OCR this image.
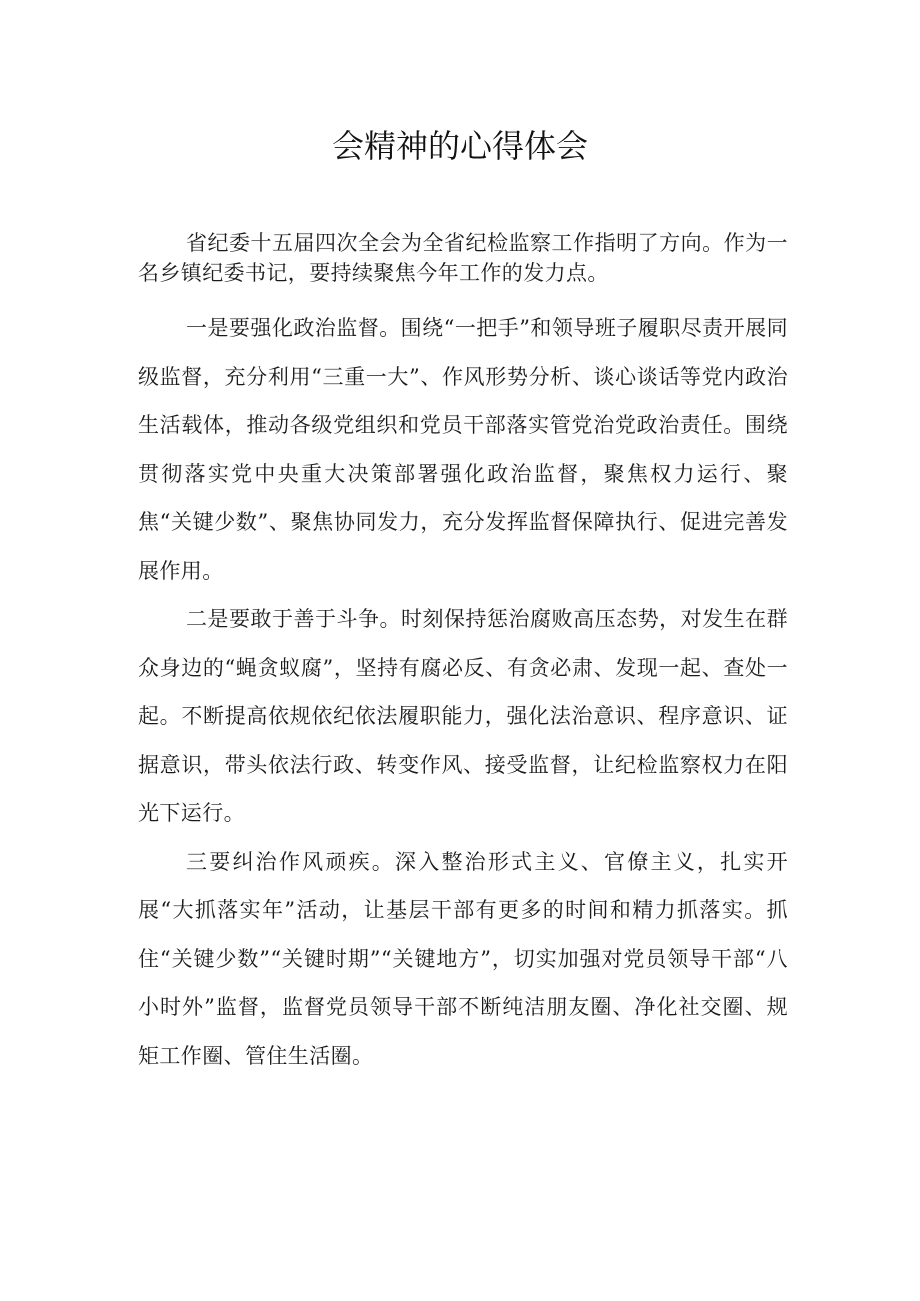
会精神的心得体会

省纪委十五届四次全会为全省纪检监察工作指明了方向。作为一名乡镇纪委书记，要持续聚焦今年工作的发力点。

一是要强化政治监督。围绕“一把手”和领导班子履职尽责开展同级监督，充分利用“三重一大”、作风形势分析、谈心谈话等党内政治生活载体，推动各级党组织和党员干部落实管党治党政治责任。围绕贯彻落实党中央重大决策部署强化政治监督，聚焦权力运行、聚焦“关键少数”、聚焦协同发力，充分发挥监督保障执行、促进完善发展作用。

二是要敢于善于斗争。时刻保持惩治腐败高压态势，对发生在群众身边的“蝇贪蚁腐”，坚持有腐必反、有贪必肃、发现一起、查处一起。不断提高依规依纪依法履职能力，强化法治意识、程序意识、证据意识，带头依法行政、转变作风、接受监督，让纪检监察权力在阳光下运行。

三要纠治作风顽疾。深入整治形式主义、官僚主义，扎实开展“大抓落实年”活动，让基层干部有更多的时间和精力抓落实。抓住“关键少数”“关键时期”“关键地方”，切实加强对党员领导干部“八小时外”监督，监督党员领导干部不断纯洁朋友圈、净化社交圈、规矩工作圈、管住生活圈。
